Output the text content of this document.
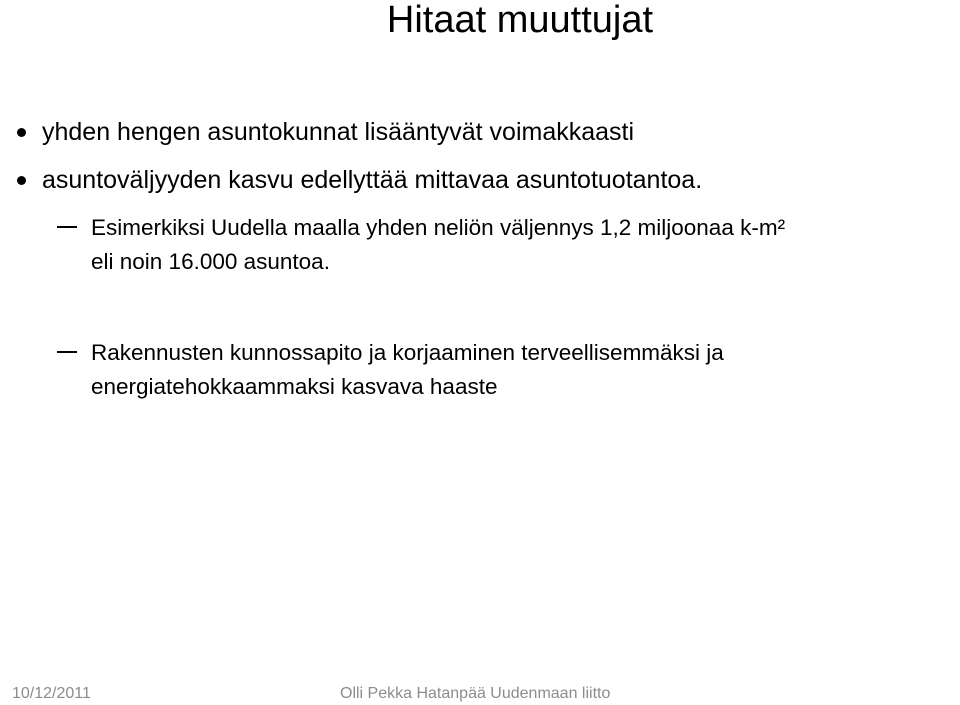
Hitaat muuttujat
yhden hengen asuntokunnat lisääntyvät voimakkaasti
asuntoväljyyden kasvu edellyttää mittavaa asuntotuotantoa.
Esimerkiksi Uudella maalla yhden neliön väljennys 1,2 miljoonaa k-m²
eli noin 16.000 asuntoa.
Rakennusten kunnossapito ja korjaaminen terveellisemmäksi ja
energiatehokkaammaksi kasvava haaste
10/12/2011	Olli Pekka Hatanpää Uudenmaan liitto
